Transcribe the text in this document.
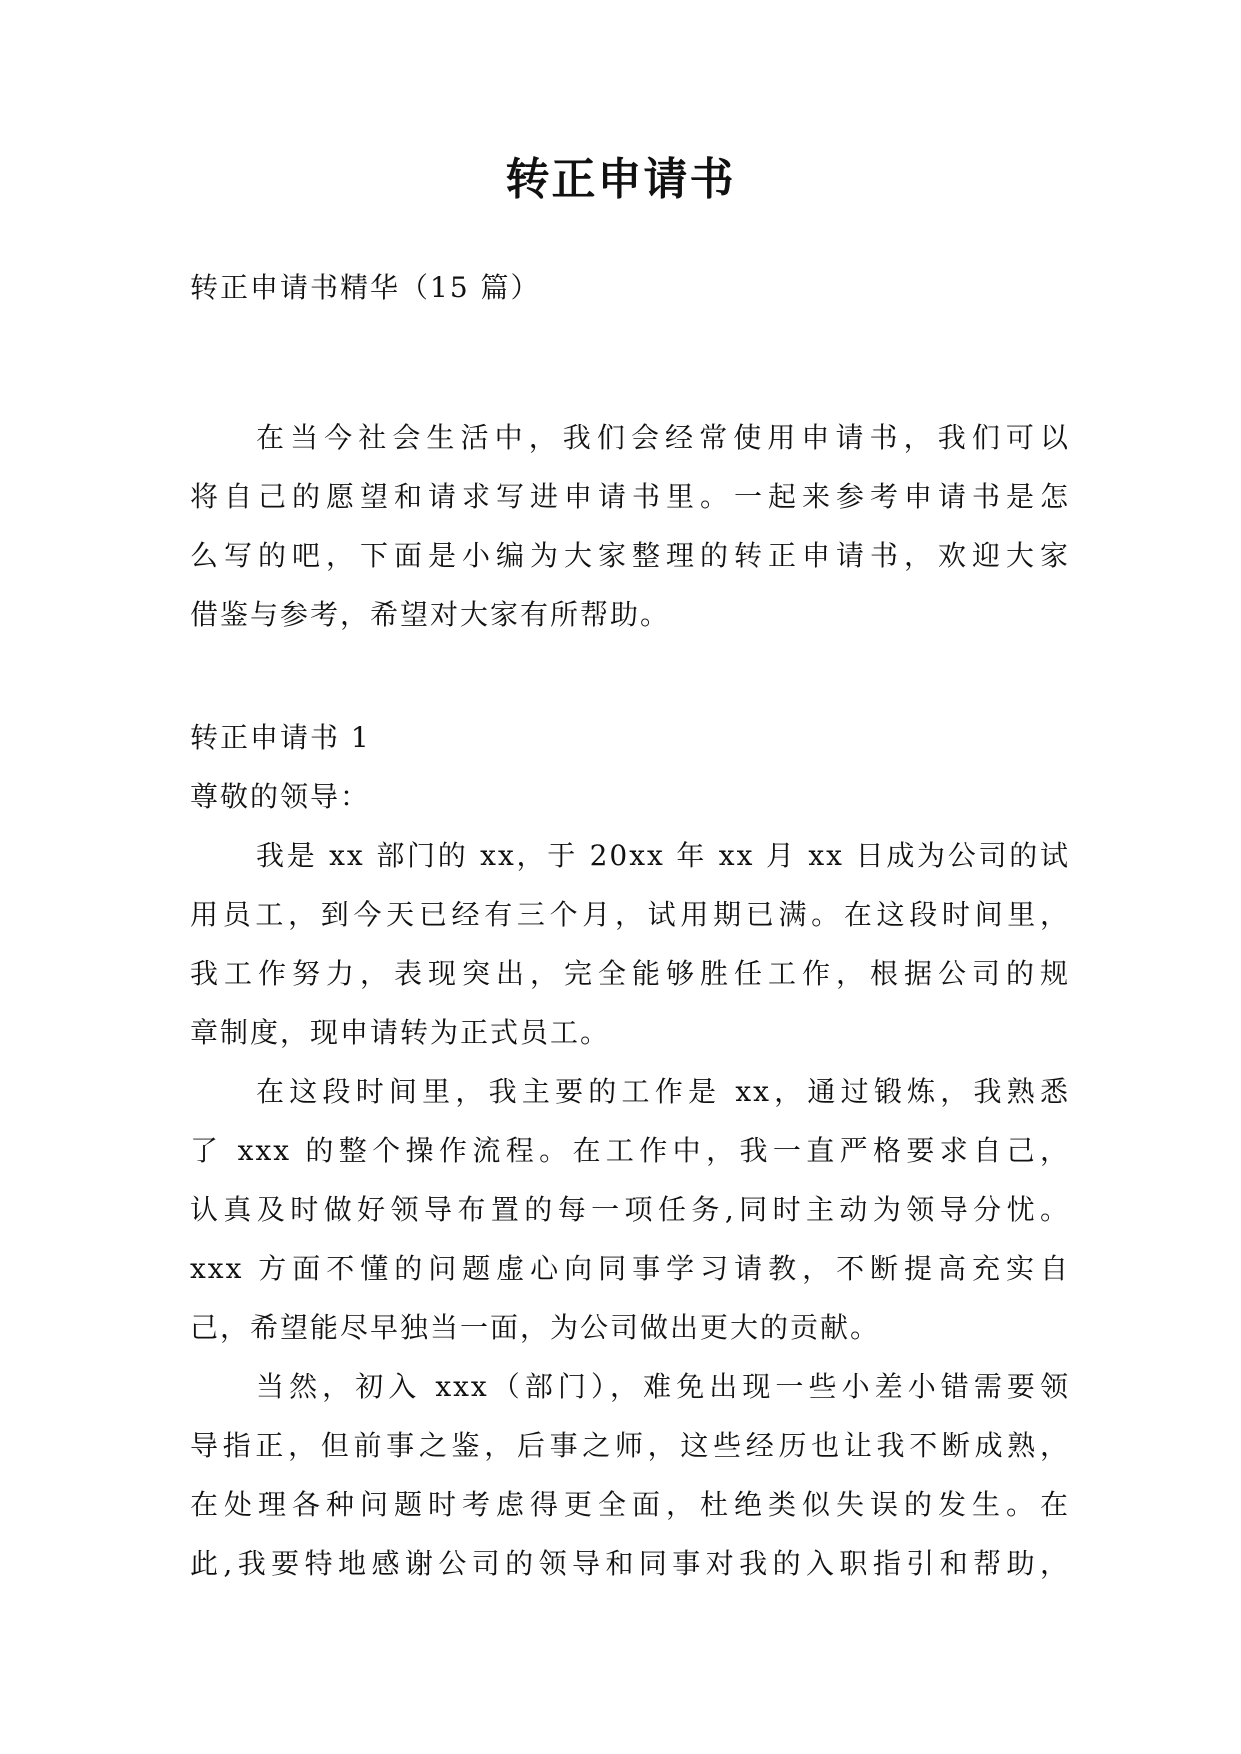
转正申请书
转正申请书精华（15 篇）
在当今社会生活中，我们会经常使用申请书，我们可以
将自己的愿望和请求写进申请书里。一起来参考申请书是怎
么写的吧，下面是小编为大家整理的转正申请书，欢迎大家
借鉴与参考，希望对大家有所帮助。
转正申请书 1
尊敬的领导：
我是 xx 部门的 xx，于 20xx 年 xx 月 xx 日成为公司的试
用员工，到今天已经有三个月，试用期已满。在这段时间里，
我工作努力，表现突出，完全能够胜任工作，根据公司的规
章制度，现申请转为正式员工。
在这段时间里，我主要的工作是 xx，通过锻炼，我熟悉
了 xxx 的整个操作流程。在工作中，我一直严格要求自己，
认真及时做好领导布置的每一项任务,同时主动为领导分忧。
xxx 方面不懂的问题虚心向同事学习请教，不断提高充实自
己，希望能尽早独当一面，为公司做出更大的贡献。
当然，初入 xxx（部门），难免出现一些小差小错需要领
导指正，但前事之鉴，后事之师，这些经历也让我不断成熟，
在处理各种问题时考虑得更全面，杜绝类似失误的发生。在
此,我要特地感谢公司的领导和同事对我的入职指引和帮助，
